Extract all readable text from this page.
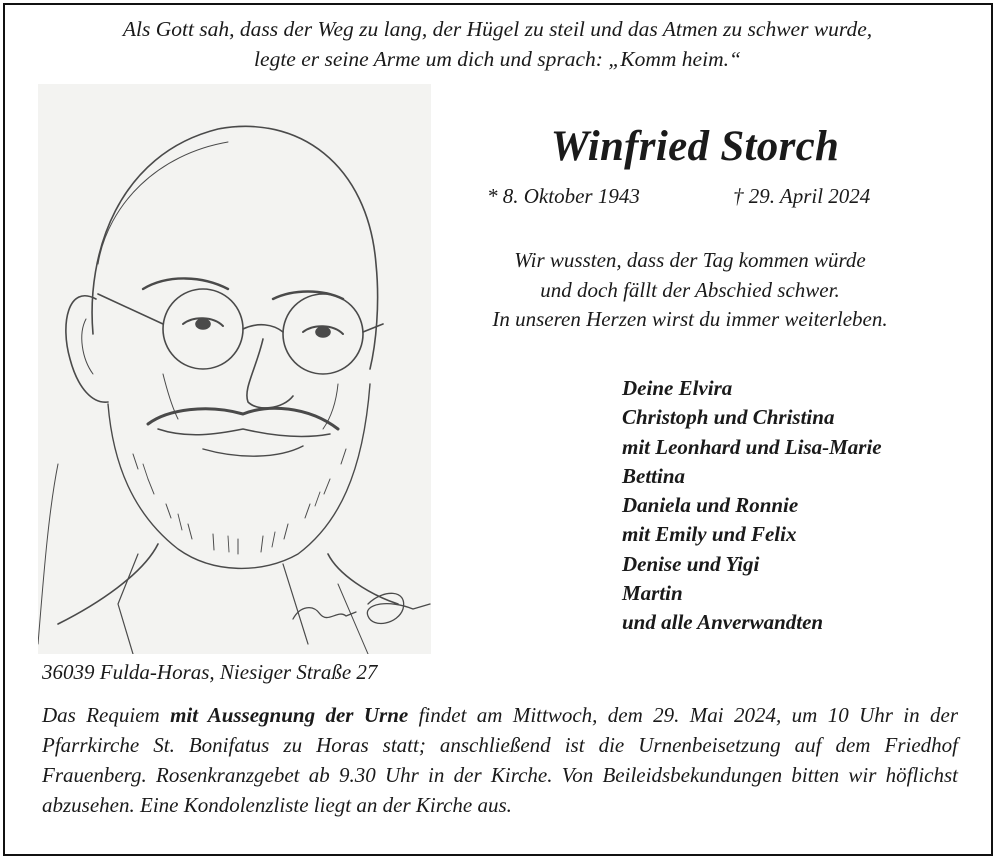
Als Gott sah, dass der Weg zu lang, der Hügel zu steil und das Atmen zu schwer wurde,
legte er seine Arme um dich und sprach: „Komm heim.“
Winfried Storch
* 8. Oktober 1943	† 29. April 2024
Wir wussten, dass der Tag kommen würde
und doch fällt der Abschied schwer.
In unseren Herzen wirst du immer weiterleben.
Deine Elvira
Christoph und Christina
mit Leonhard und Lisa-Marie
Bettina
Daniela und Ronnie
mit Emily und Felix
Denise und Yigi
Martin
und alle Anverwandten
36039 Fulda-Horas, Niesiger Straße 27
Das Requiem mit Aussegnung der Urne findet am Mittwoch, dem 29. Mai 2024, um 10 Uhr in der Pfarrkirche St. Bonifatus zu Horas statt; anschließend ist die Urnenbeisetzung auf dem Friedhof Frauenberg. Rosenkranzgebet ab 9.30 Uhr in der Kirche. Von Beileidsbekundungen bitten wir höflichst abzusehen. Eine Kondolenzliste liegt an der Kirche aus.
